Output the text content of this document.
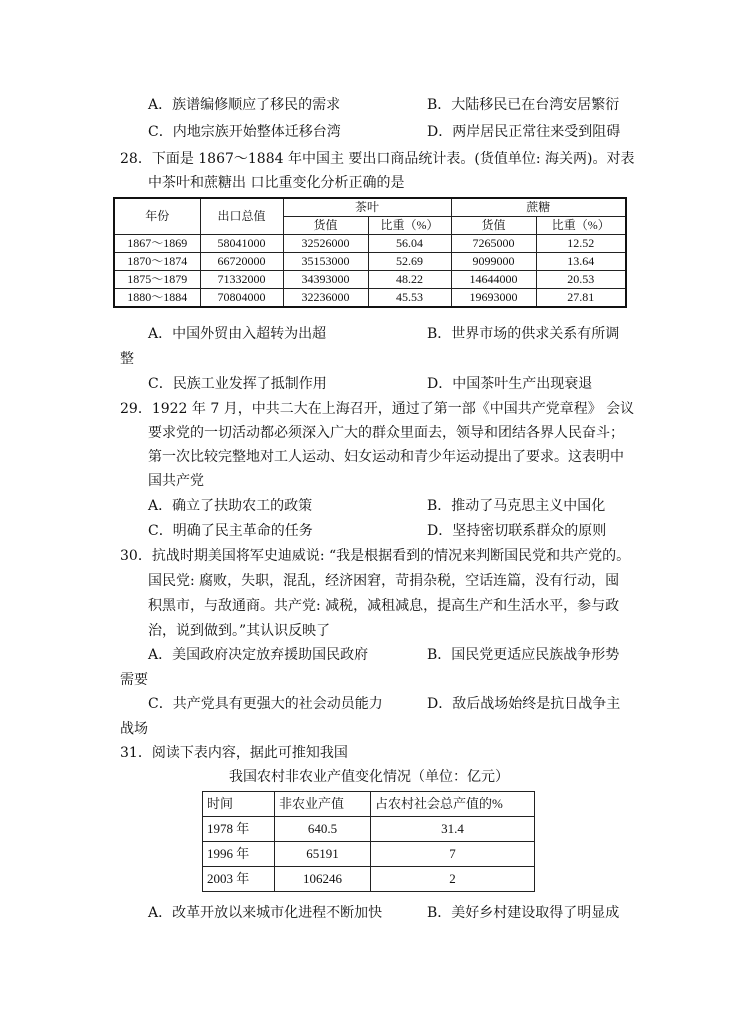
A．族谱编修顺应了移民的需求	B．大陆移民已在台湾安居繁衍
C．内地宗族开始整体迁移台湾	D．两岸居民正常往来受到阻碍
28．下面是 1867～1884 年中国主 要出口商品统计表。(货值单位: 海关两)。对表
中茶叶和蔗糖出 口比重变化分析正确的是
年份	出口总值	茶叶		蔗糖	
		货值	比重（%）	货值	比重（%）
1867～1869	58041000	32526000	56.04	7265000	12.52
1870～1874	66720000	35153000	52.69	9099000	13.64
1875～1879	71332000	34393000	48.22	14644000	20.53
1880～1884	70804000	32236000	45.53	19693000	27.81
A．中国外贸由入超转为出超	B．世界市场的供求关系有所调
整
C．民族工业发挥了抵制作用	D．中国茶叶生产出现衰退
29．1922 年 7 月，中共二大在上海召开，通过了第一部《中国共产党章程》 会议
要求党的一切活动都必须深入广大的群众里面去，领导和团结各界人民奋斗；
第一次比较完整地对工人运动、妇女运动和青少年运动提出了要求。这表明中
国共产党
A．确立了扶助农工的政策	B．推动了马克思主义中国化
C．明确了民主革命的任务	D．坚持密切联系群众的原则
30．抗战时期美国将军史迪威说: “我是根据看到的情况来判断国民党和共产党的。
国民党: 腐败，失职，混乱，经济困窘，苛捐杂税，空话连篇，没有行动，囤
积黑市，与敌通商。共产党: 减税，减租减息，提高生产和生活水平，参与政
治，说到做到。”其认识反映了
A．美国政府决定放弃援助国民政府	B．国民党更适应民族战争形势
需要
C．共产党具有更强大的社会动员能力	D．敌后战场始终是抗日战争主
战场
31．阅读下表内容，据此可推知我国
我国农村非农业产值变化情况（单位：亿元）
时间	非农业产值	占农村社会总产值的%
1978 年	640.5	31.4
1996 年	65191	7
2003 年	106246	2
A．改革开放以来城市化进程不断加快	B．美好乡村建设取得了明显成
